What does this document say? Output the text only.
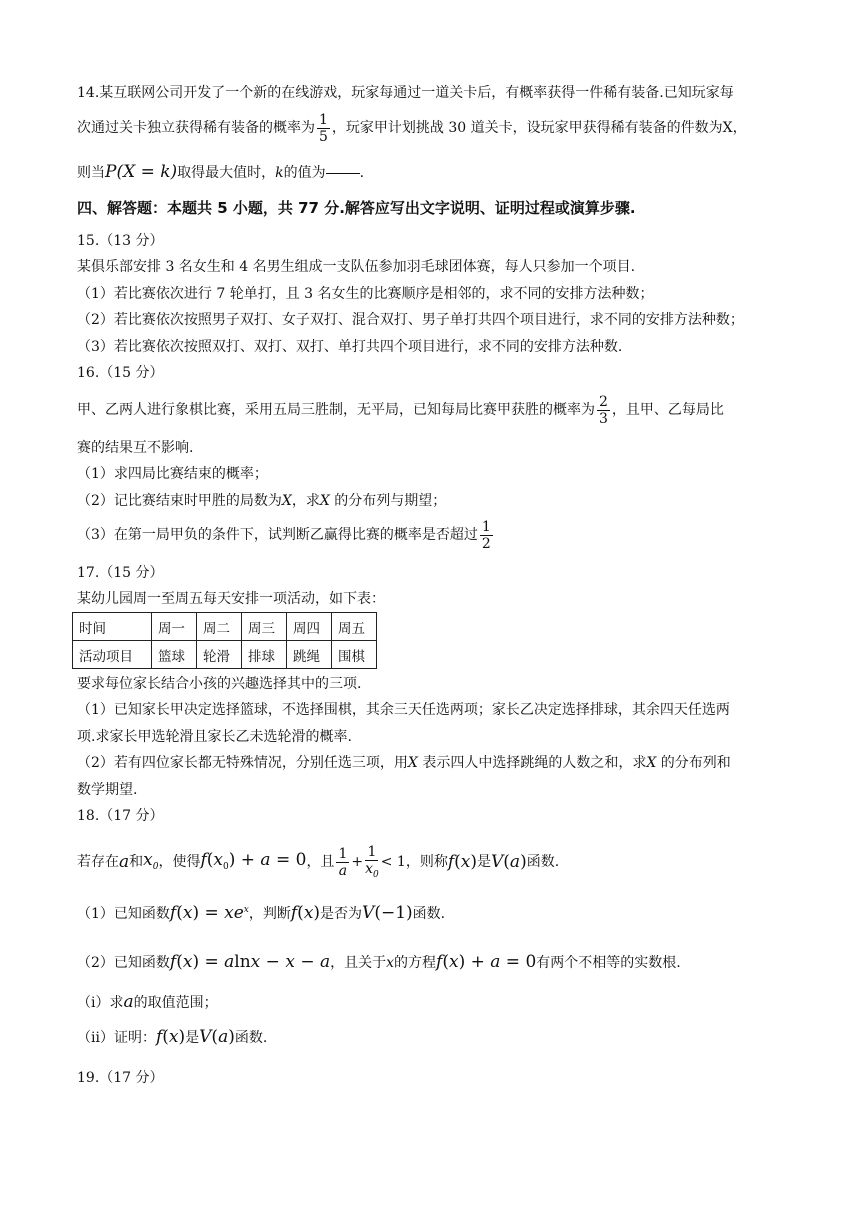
14.某互联网公司开发了一个新的在线游戏，玩家每通过一道关卡后，有概率获得一件稀有装备.已知玩家每
次通过关卡独立获得稀有装备的概率为 $\frac{1}{5}$ ，玩家甲计划挑战 30 道关卡，设玩家甲获得稀有装备的件数为X，
则当 P(X = k) 取得最大值时， k 的值为 .
四、解答题：本题共 5 小题，共 77 分.解答应写出文字说明、证明过程或演算步骤.
15.（13 分）
某俱乐部安排 3 名女生和 4 名男生组成一支队伍参加羽毛球团体赛，每人只参加一个项目.
（1）若比赛依次进行 7 轮单打，且 3 名女生的比赛顺序是相邻的，求不同的安排方法种数；
（2）若比赛依次按照男子双打、女子双打、混合双打、男子单打共四个项目进行，求不同的安排方法种数；
（3）若比赛依次按照双打、双打、双打、单打共四个项目进行，求不同的安排方法种数.
16.（15 分）
甲、乙两人进行象棋比赛，采用五局三胜制，无平局，已知每局比赛甲获胜的概率为 $\frac{2}{3}$ ，且甲、乙每局比
赛的结果互不影响.
（1）求四局比赛结束的概率；
（2）记比赛结束时甲胜的局数为X，求X 的分布列与期望；
（3）在第一局甲负的条件下，试判断乙赢得比赛的概率是否超过 $\frac{1}{2}$
17.（15 分）
某幼儿园周一至周五每天安排一项活动，如下表：
时间	周一	周二	周三	周四	周五
活动项目	篮球	轮滑	排球	跳绳	围棋
要求每位家长结合小孩的兴趣选择其中的三项.
（1）已知家长甲决定选择篮球，不选择围棋，其余三天任选两项；家长乙决定选择排球，其余四天任选两
项.求家长甲选轮滑且家长乙未选轮滑的概率.
（2）若有四位家长都无特殊情况，分别任选三项，用X 表示四人中选择跳绳的人数之和，求X 的分布列和
数学期望.
18.（17 分）
若存在 a 和 $x_0$ ，使得 $f(x_0) + a = 0$ ，且 $\frac{1}{a} + \frac{1}{x_0} < 1$ ，则称 f(x) 是 V(a) 函数.
（1）已知函数 $f(x) = xe^x$ ，判断 f(x) 是否为 V(−1) 函数.
（2）已知函数 f(x) = alnx − x − a ，且关于 x 的方程 f(x) + a = 0 有两个不相等的实数根.
（ⅰ）求 a 的取值范围；
（ⅱ）证明： f(x) 是 V(a) 函数.
19.（17 分）
